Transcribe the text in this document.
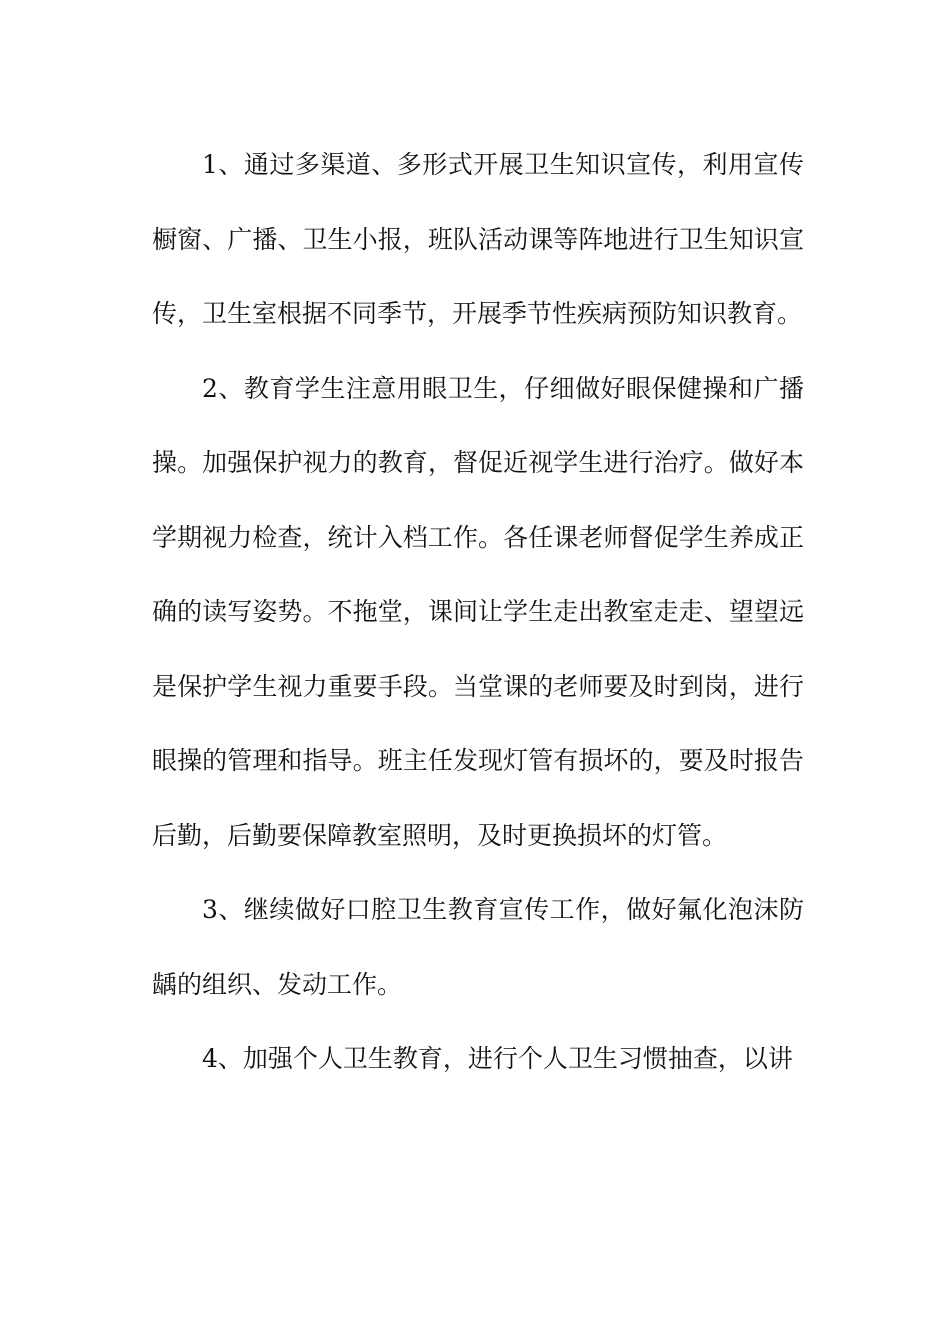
1、通过多渠道、多形式开展卫生知识宣传，利用宣传橱窗、广播、卫生小报，班队活动课等阵地进行卫生知识宣传，卫生室根据不同季节，开展季节性疾病预防知识教育。

2、教育学生注意用眼卫生，仔细做好眼保健操和广播操。加强保护视力的教育，督促近视学生进行治疗。做好本学期视力检查，统计入档工作。各任课老师督促学生养成正确的读写姿势。不拖堂，课间让学生走出教室走走、望望远是保护学生视力重要手段。当堂课的老师要及时到岗，进行眼操的管理和指导。班主任发现灯管有损坏的，要及时报告后勤，后勤要保障教室照明，及时更换损坏的灯管。

3、继续做好口腔卫生教育宣传工作，做好氟化泡沫防龋的组织、发动工作。

4、加强个人卫生教育，进行个人卫生习惯抽查，以讲
